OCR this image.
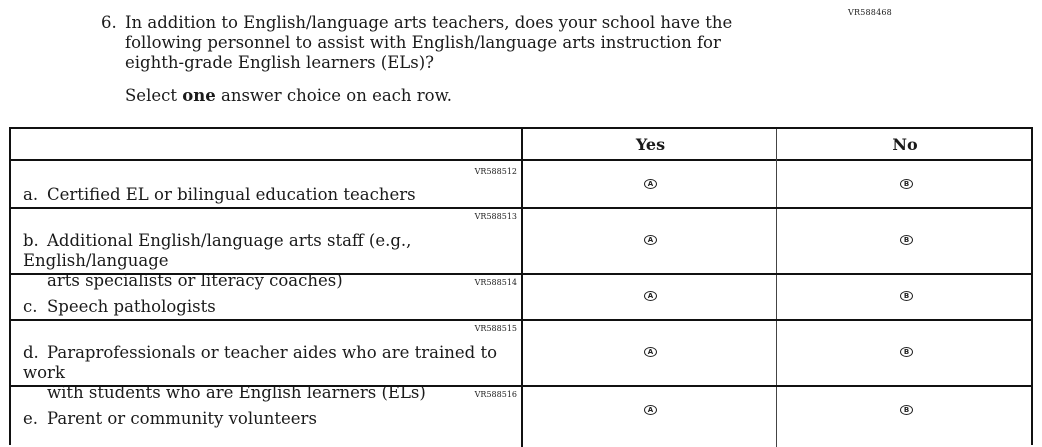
VR588468
6. In addition to English/language arts teachers, does your school have the following personnel to assist with English/language arts instruction for eighth-grade English learners (ELs)?
Select one answer choice on each row.
Yes	No
VR588512
a. Certified EL or bilingual education teachers
A	B
VR588513
b. Additional English/language arts staff (e.g., English/language
arts specialists or literacy coaches)
A	B
VR588514
c. Speech pathologists
A	B
VR588515
d. Paraprofessionals or teacher aides who are trained to work
with students who are English learners (ELs)
A	B
VR588516
e. Parent or community volunteers	A	B
